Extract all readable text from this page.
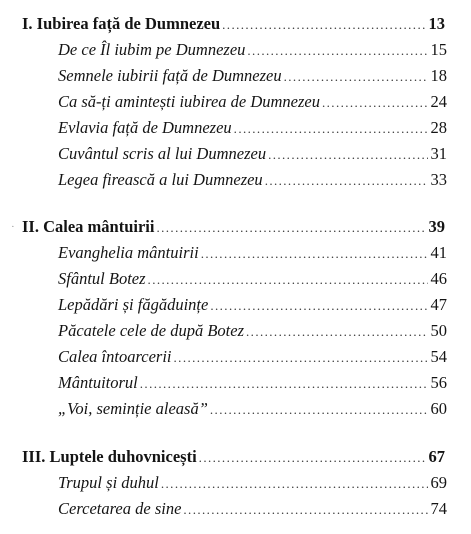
·
I. Iubirea față de Dumnezeu .....	13
De ce Îl iubim pe Dumnezeu .....	15
Semnele iubirii față de Dumnezeu .....	18
Ca să-ți amintești iubirea de Dumnezeu .....	24
Evlavia față de Dumnezeu .....	28
Cuvântul scris al lui Dumnezeu .....	31
Legea firească a lui Dumnezeu .....	33
II. Calea mântuirii .....	39
Evanghelia mântuirii .....	41
Sfântul Botez .....	46
Lepădări și făgăduințe .....	47
Păcatele cele de după Botez .....	50
Calea întoarcerii .....	54
Mântuitorul .....	56
„Voi, seminție aleasă” .....	60
III. Luptele duhovnicești .....	67
Trupul și duhul .....	69
Cercetarea de sine .....	74
